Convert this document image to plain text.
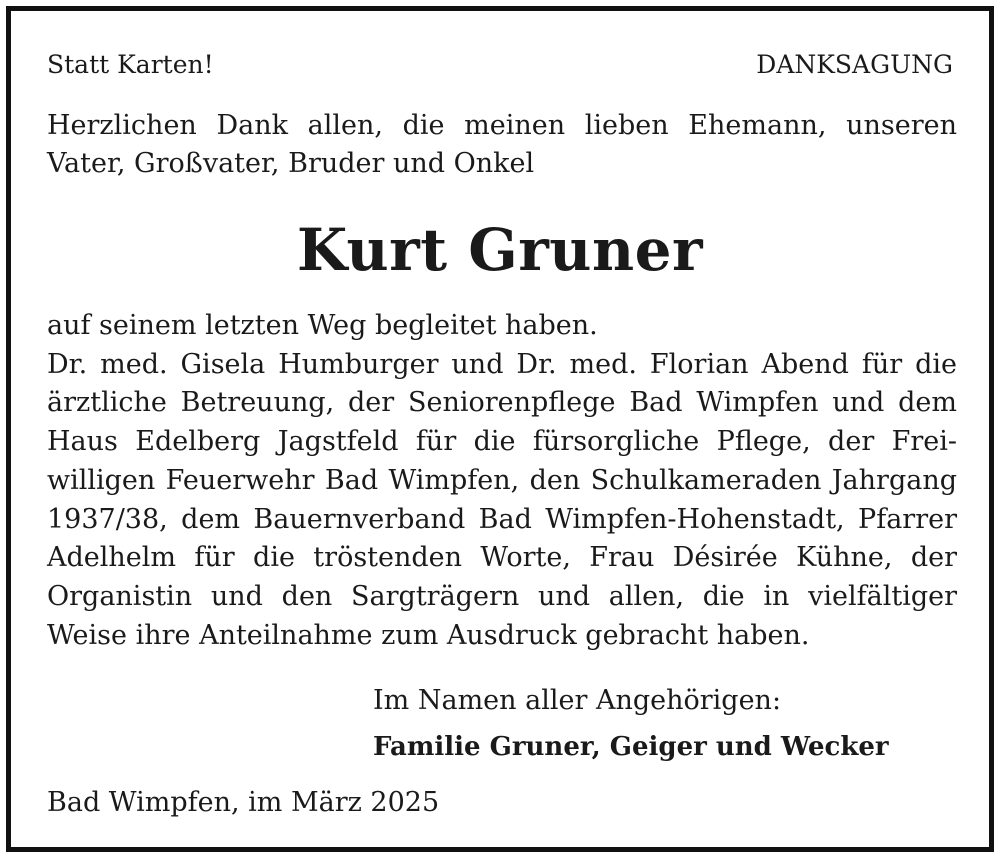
Statt Karten!	DANKSAGUNG
Herzlichen Dank allen, die meinen lieben Ehemann, unseren Vater, Großvater, Bruder und Onkel
Kurt Gruner

auf seinem letzten Weg begleitet haben.

Dr. med. Gisela Humburger und Dr. med. Florian Abend für die ärztliche Betreuung, der Seniorenpflege Bad Wimpfen und dem Haus Edelberg Jagstfeld für die fürsorgliche Pflege, der Freiwilligen Feuerwehr Bad Wimpfen, den Schulkameraden Jahrgang 1937/38, dem Bauernverband Bad Wimpfen-Hohenstadt, Pfarrer Adelhelm für die tröstenden Worte, Frau Désirée Kühne, der Organistin und den Sargträgern und allen, die in vielfältiger Weise ihre Anteilnahme zum Ausdruck gebracht haben.

Im Namen aller Angehörigen:
Familie Gruner, Geiger und Wecker
Bad Wimpfen, im März 2025
